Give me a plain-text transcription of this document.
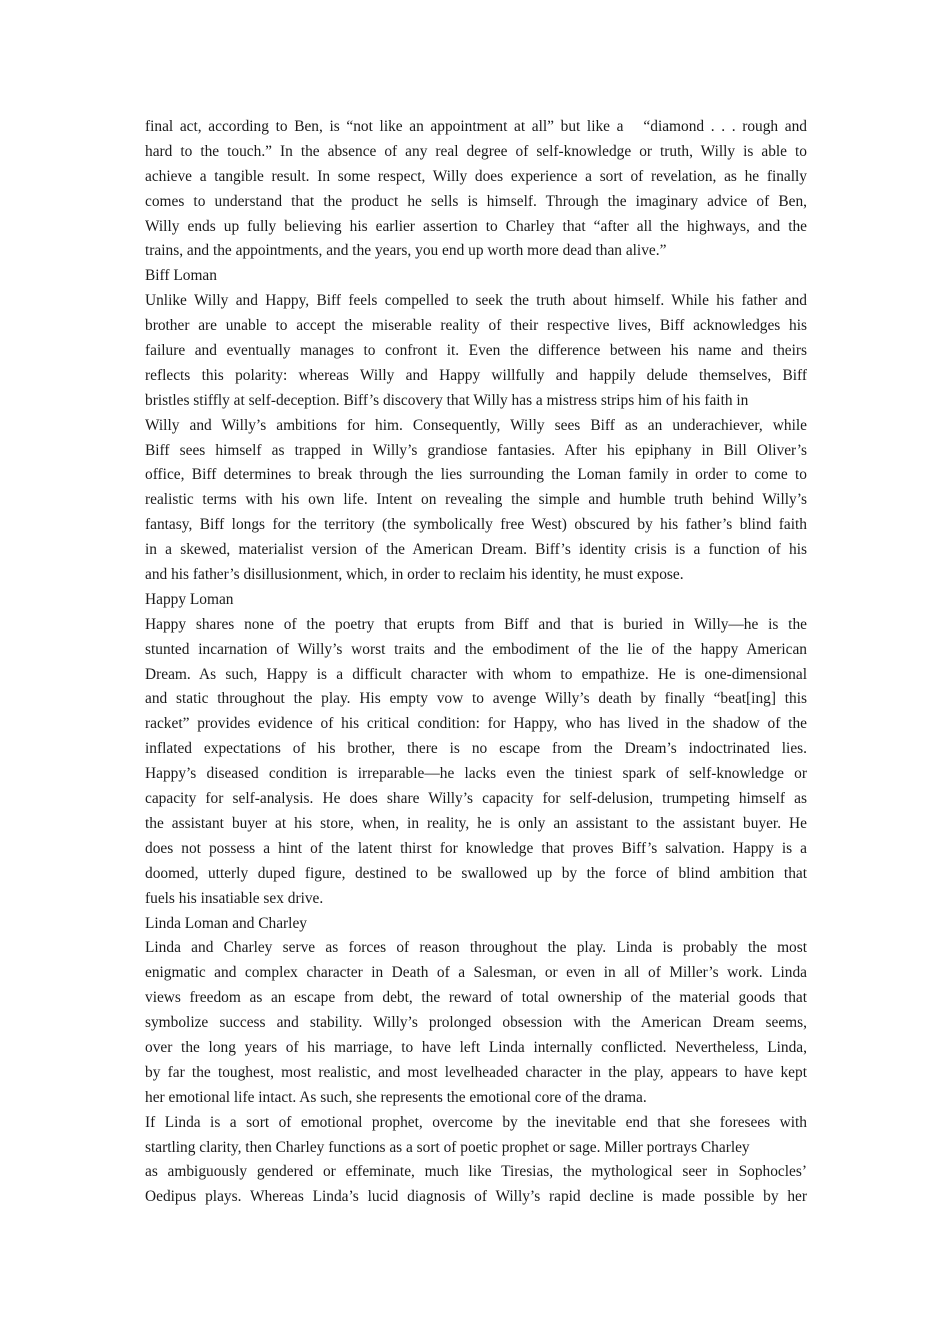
final act, according to Ben, is “not like an appointment at all” but like a   “diamond . . . rough and
hard to the touch.” In the absence of any real degree of self-knowledge or truth, Willy is able to
achieve a tangible result. In some respect, Willy does experience a sort of revelation, as he finally
comes to understand that the product he sells is himself. Through the imaginary advice of Ben,
Willy ends up fully believing his earlier assertion to Charley that “after all the highways, and the
trains, and the appointments, and the years, you end up worth more dead than alive.”
Biff Loman
Unlike Willy and Happy, Biff feels compelled to seek the truth about himself. While his father and
brother are unable to accept the miserable reality of their respective lives, Biff acknowledges his
failure and eventually manages to confront it. Even the difference between his name and theirs
reflects this polarity: whereas Willy and Happy willfully and happily delude themselves, Biff
bristles stiffly at self-deception. Biff’s discovery that Willy has a mistress strips him of his faith in
Willy and Willy’s ambitions for him. Consequently, Willy sees Biff as an underachiever, while
Biff sees himself as trapped in Willy’s grandiose fantasies. After his epiphany in Bill Oliver’s
office, Biff determines to break through the lies surrounding the Loman family in order to come to
realistic terms with his own life. Intent on revealing the simple and humble truth behind Willy’s
fantasy, Biff longs for the territory (the symbolically free West) obscured by his father’s blind faith
in a skewed, materialist version of the American Dream. Biff’s identity crisis is a function of his
and his father’s disillusionment, which, in order to reclaim his identity, he must expose.
Happy Loman
Happy shares none of the poetry that erupts from Biff and that is buried in Willy—he is the
stunted incarnation of Willy’s worst traits and the embodiment of the lie of the happy American
Dream. As such, Happy is a difficult character with whom to empathize. He is one-dimensional
and static throughout the play. His empty vow to avenge Willy’s death by finally “beat[ing] this
racket” provides evidence of his critical condition: for Happy, who has lived in the shadow of the
inflated expectations of his brother, there is no escape from the Dream’s indoctrinated lies.
Happy’s diseased condition is irreparable—he lacks even the tiniest spark of self-knowledge or
capacity for self-analysis. He does share Willy’s capacity for self-delusion, trumpeting himself as
the assistant buyer at his store, when, in reality, he is only an assistant to the assistant buyer. He
does not possess a hint of the latent thirst for knowledge that proves Biff’s salvation. Happy is a
doomed, utterly duped figure, destined to be swallowed up by the force of blind ambition that
fuels his insatiable sex drive.
Linda Loman and Charley
Linda and Charley serve as forces of reason throughout the play. Linda is probably the most
enigmatic and complex character in Death of a Salesman, or even in all of Miller’s work. Linda
views freedom as an escape from debt, the reward of total ownership of the material goods that
symbolize success and stability. Willy’s prolonged obsession with the American Dream seems,
over the long years of his marriage, to have left Linda internally conflicted. Nevertheless, Linda,
by far the toughest, most realistic, and most levelheaded character in the play, appears to have kept
her emotional life intact. As such, she represents the emotional core of the drama.
If Linda is a sort of emotional prophet, overcome by the inevitable end that she foresees with
startling clarity, then Charley functions as a sort of poetic prophet or sage. Miller portrays Charley
as ambiguously gendered or effeminate, much like Tiresias, the mythological seer in Sophocles’
Oedipus plays. Whereas Linda’s lucid diagnosis of Willy’s rapid decline is made possible by her
